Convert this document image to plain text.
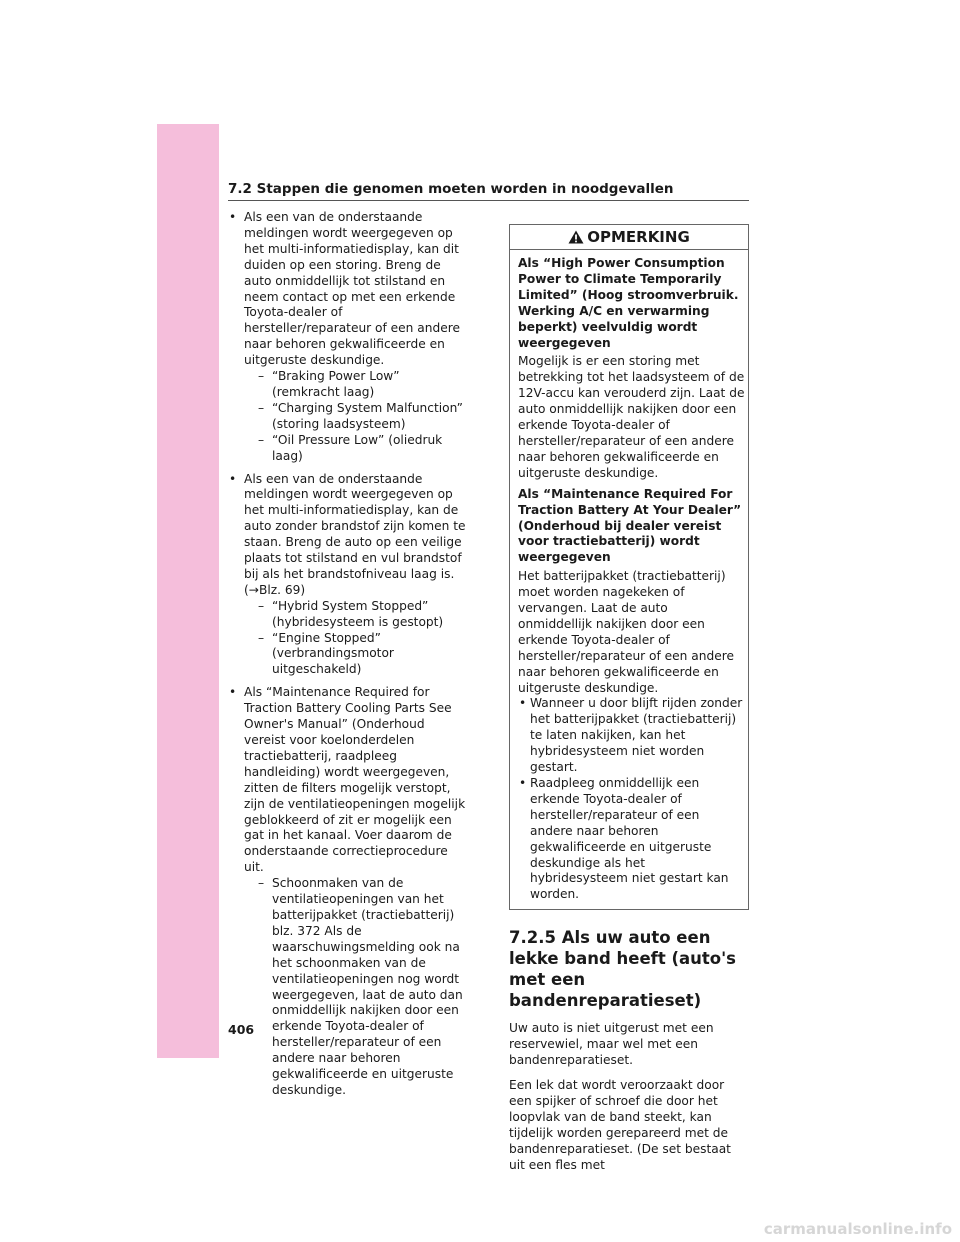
7.2 Stappen die genomen moeten worden in noodgevallen
• Als een van de onderstaande meldingen wordt weergegeven op het multi-informatiedisplay, kan dit duiden op een storing. Breng de auto onmiddellijk tot stilstand en neem contact op met een erkende Toyota-dealer of hersteller/reparateur of een andere naar behoren gekwalificeerde en uitgeruste deskundige.
– “Braking Power Low” (remkracht laag)
– “Charging System Malfunction” (storing laadsysteem)
– “Oil Pressure Low” (oliedruk laag)
• Als een van de onderstaande meldingen wordt weergegeven op het multi-informatiedisplay, kan de auto zonder brandstof zijn komen te staan. Breng de auto op een veilige plaats tot stilstand en vul brandstof bij als het brandstofniveau laag is. (→Blz. 69)
– “Hybrid System Stopped” (hybridesysteem is gestopt)
– “Engine Stopped” (verbrandingsmotor uitgeschakeld)
• Als “Maintenance Required for Traction Battery Cooling Parts See Owner's Manual” (Onderhoud vereist voor koelonderdelen tractiebatterij, raadpleeg handleiding) wordt weergegeven, zitten de filters mogelijk verstopt, zijn de ventilatieopeningen mogelijk geblokkeerd of zit er mogelijk een gat in het kanaal. Voer daarom de onderstaande correctieprocedure uit.
– Schoonmaken van de ventilatieopeningen van het batterijpakket (tractiebatterij) blz. 372 Als de waarschuwingsmelding ook na het schoonmaken van de ventilatieopeningen nog wordt weergegeven, laat de auto dan onmiddellijk nakijken door een erkende Toyota-dealer of hersteller/reparateur of een andere naar behoren gekwalificeerde en uitgeruste deskundige.
OPMERKING

Als “High Power Consumption Power to Climate Temporarily Limited” (Hoog stroomverbruik. Werking A/C en verwarming beperkt) veelvuldig wordt weergegeven

Mogelijk is er een storing met betrekking tot het laadsysteem of de 12V-accu kan verouderd zijn. Laat de auto onmiddellijk nakijken door een erkende Toyota-dealer of hersteller/reparateur of een andere naar behoren gekwalificeerde en uitgeruste deskundige.

Als “Maintenance Required For Traction Battery At Your Dealer” (Onderhoud bij dealer vereist voor tractiebatterij) wordt weergegeven

Het batterijpakket (tractiebatterij) moet worden nagekeken of vervangen. Laat de auto onmiddellijk nakijken door een erkende Toyota-dealer of hersteller/reparateur of een andere naar behoren gekwalificeerde en uitgeruste deskundige.

• Wanneer u door blijft rijden zonder het batterijpakket (tractiebatterij) te laten nakijken, kan het hybridesysteem niet worden gestart.
• Raadpleeg onmiddellijk een erkende Toyota-dealer of hersteller/reparateur of een andere naar behoren gekwalificeerde en uitgeruste deskundige als het hybridesysteem niet gestart kan worden.
7.2.5 Als uw auto een lekke band heeft (auto's met een bandenreparatieset)

Uw auto is niet uitgerust met een reservewiel, maar wel met een bandenreparatieset.

Een lek dat wordt veroorzaakt door een spijker of schroef die door het loopvlak van de band steekt, kan tijdelijk worden gerepareerd met de bandenreparatieset. (De set bestaat uit een fles met

406
carmanualsonline.info
